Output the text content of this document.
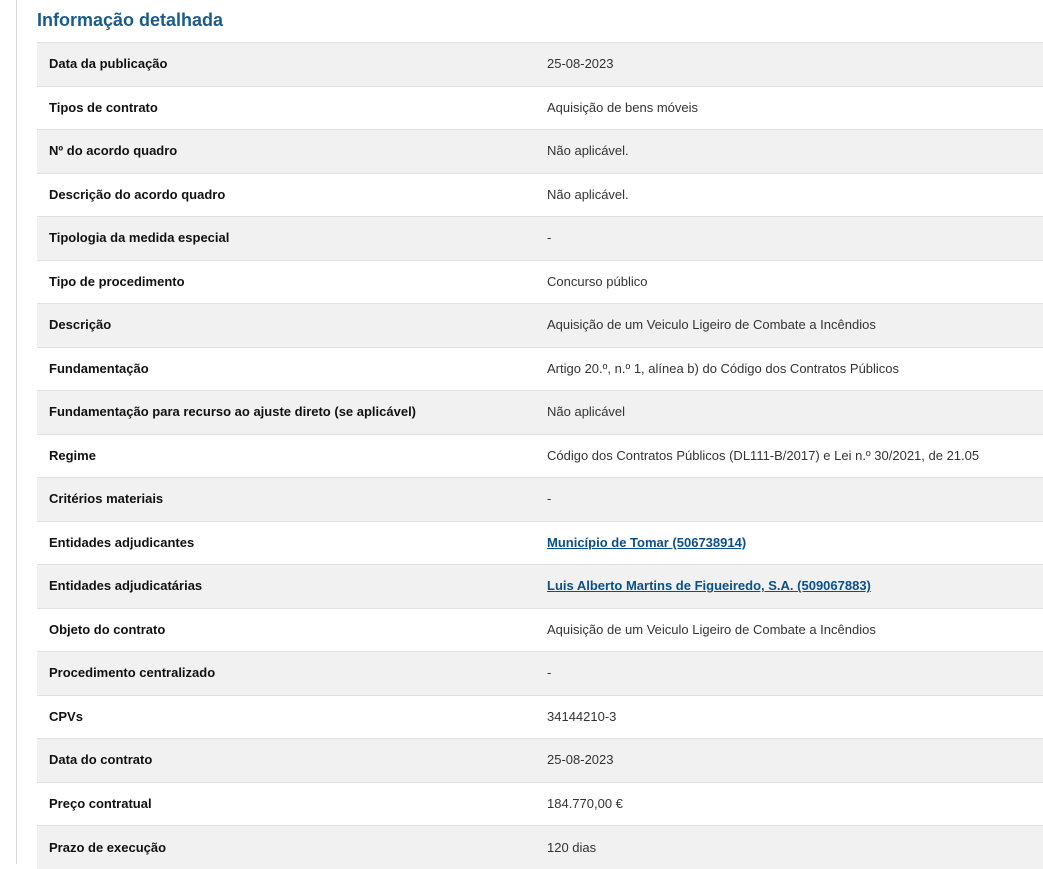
Informação detalhada
Data da publicação	25-08-2023
Tipos de contrato	Aquisição de bens móveis
Nº do acordo quadro	Não aplicável.
Descrição do acordo quadro	Não aplicável.
Tipologia da medida especial	-
Tipo de procedimento	Concurso público
Descrição	Aquisição de um Veiculo Ligeiro de Combate a Incêndios
Fundamentação	Artigo 20.º, n.º 1, alínea b) do Código dos Contratos Públicos
Fundamentação para recurso ao ajuste direto (se aplicável)	Não aplicável
Regime	Código dos Contratos Públicos (DL111-B/2017) e Lei n.º 30/2021, de 21.05
Critérios materiais	-
Entidades adjudicantes	Município de Tomar (506738914)
Entidades adjudicatárias	Luis Alberto Martins de Figueiredo, S.A. (509067883)
Objeto do contrato	Aquisição de um Veiculo Ligeiro de Combate a Incêndios
Procedimento centralizado	-
CPVs	34144210-3
Data do contrato	25-08-2023
Preço contratual	184.770,00 €
Prazo de execução	120 dias
